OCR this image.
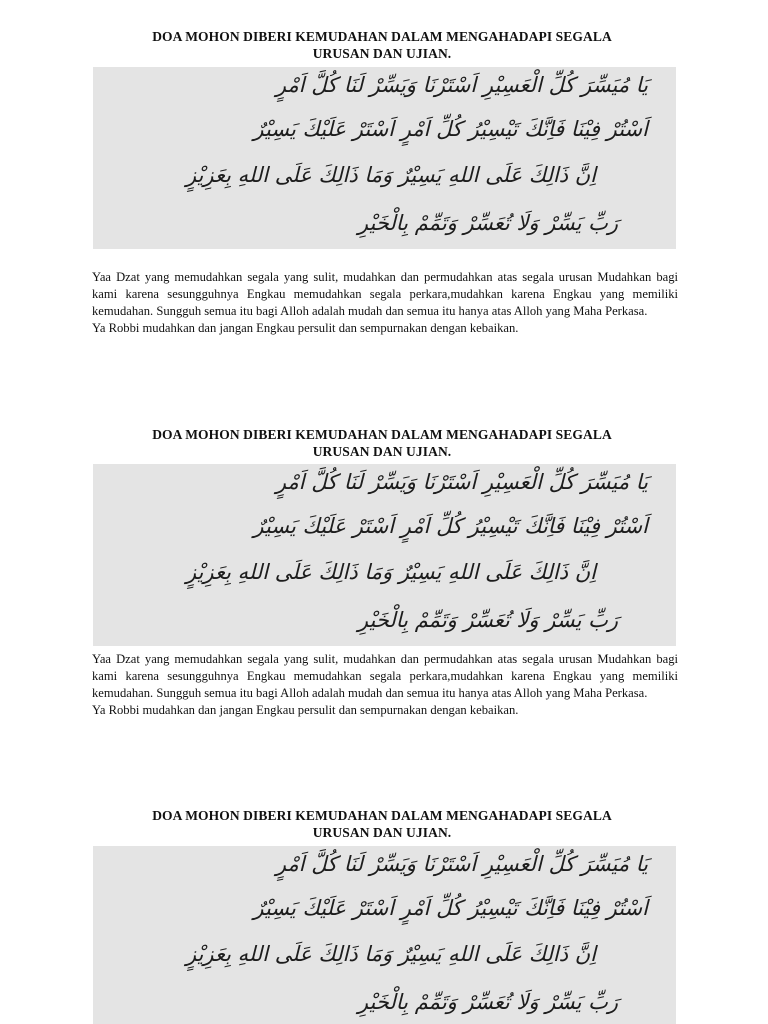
DOA MOHON DIBERI KEMUDAHAN DALAM MENGAHADAPI SEGALA
URUSAN DAN UJIAN.
يَا مُيَسِّرَ كُلِّ الْعَسِيْرِ اَسْتَرْنَا وَيَسِّرْ لَنَا كُلَّ اَمْرٍ
اَسْتُرْ فِيْنَا فَاِنَّكَ تَيْسِيْرُ كُلِّ اَمْرٍ اَسْتَرْ عَلَيْكَ يَسِيْرٌ
اِنَّ ذَالِكَ عَلَى اللهِ يَسِيْرٌ وَمَا ذَالِكَ عَلَى اللهِ بِعَزِيْزٍ
رَبِّ يَسِّرْ وَلَا تُعَسِّرْ وَتَمِّمْ بِالْخَيْرِ

Yaa Dzat yang memudahkan segala yang sulit, mudahkan dan permudahkan atas segala urusan Mudahkan bagi kami karena sesungguhnya Engkau memudahkan segala perkara,mudahkan karena Engkau yang memiliki kemudahan. Sungguh semua itu bagi Alloh adalah mudah dan semua itu hanya atas Alloh yang Maha Perkasa.

Ya Robbi mudahkan dan jangan Engkau persulit dan sempurnakan dengan kebaikan.

DOA MOHON DIBERI KEMUDAHAN DALAM MENGAHADAPI SEGALA
URUSAN DAN UJIAN.
يَا مُيَسِّرَ كُلِّ الْعَسِيْرِ اَسْتَرْنَا وَيَسِّرْ لَنَا كُلَّ اَمْرٍ
اَسْتُرْ فِيْنَا فَاِنَّكَ تَيْسِيْرُ كُلِّ اَمْرٍ اَسْتَرْ عَلَيْكَ يَسِيْرٌ
اِنَّ ذَالِكَ عَلَى اللهِ يَسِيْرٌ وَمَا ذَالِكَ عَلَى اللهِ بِعَزِيْزٍ
رَبِّ يَسِّرْ وَلَا تُعَسِّرْ وَتَمِّمْ بِالْخَيْرِ

Yaa Dzat yang memudahkan segala yang sulit, mudahkan dan permudahkan atas segala urusan Mudahkan bagi kami karena sesungguhnya Engkau memudahkan segala perkara,mudahkan karena Engkau yang memiliki kemudahan. Sungguh semua itu bagi Alloh adalah mudah dan semua itu hanya atas Alloh yang Maha Perkasa.

Ya Robbi mudahkan dan jangan Engkau persulit dan sempurnakan dengan kebaikan.

DOA MOHON DIBERI KEMUDAHAN DALAM MENGAHADAPI SEGALA
URUSAN DAN UJIAN.
يَا مُيَسِّرَ كُلِّ الْعَسِيْرِ اَسْتَرْنَا وَيَسِّرْ لَنَا كُلَّ اَمْرٍ
اَسْتُرْ فِيْنَا فَاِنَّكَ تَيْسِيْرُ كُلِّ اَمْرٍ اَسْتَرْ عَلَيْكَ يَسِيْرٌ
اِنَّ ذَالِكَ عَلَى اللهِ يَسِيْرٌ وَمَا ذَالِكَ عَلَى اللهِ بِعَزِيْزٍ
رَبِّ يَسِّرْ وَلَا تُعَسِّرْ وَتَمِّمْ بِالْخَيْرِ
